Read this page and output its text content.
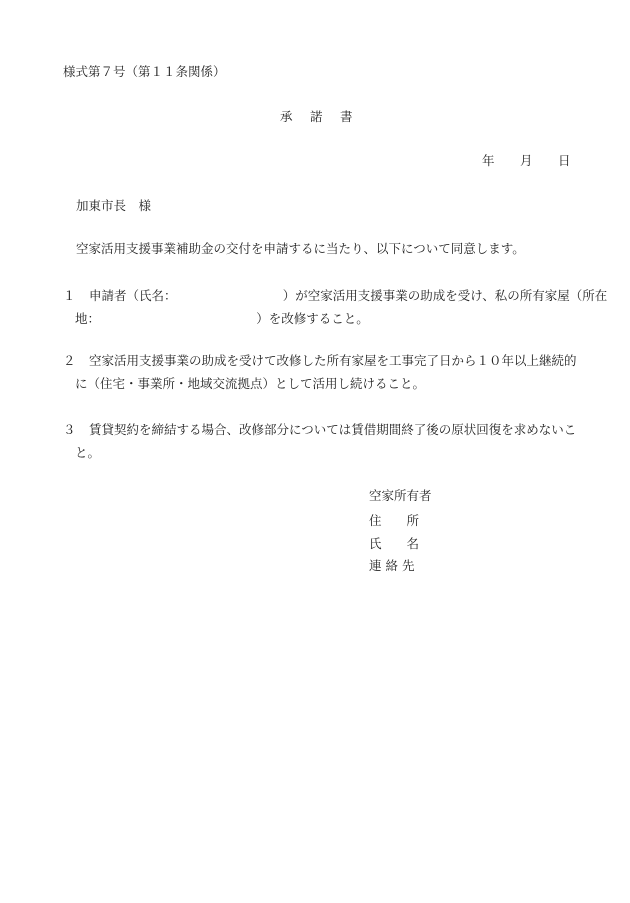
様式第７号（第１１条関係）
承 諾 書
年 月 日
加東市長　様
空家活用支援事業補助金の交付を申請するに当たり、以下について同意します。
１ 申請者（氏名：　　　　　　　　　）が空家活用支援事業の助成を受け、私の所有家屋（所在
地：　　　　　　　　　　　　　）を改修すること。
２ 空家活用支援事業の助成を受けて改修した所有家屋を工事完了日から１０年以上継続的
に（住宅・事業所・地域交流拠点）として活用し続けること。
３ 賃貸契約を締結する場合、改修部分については賃借期間終了後の原状回復を求めないこ
と。
空家所有者
住　　所
氏　　名
連 絡 先
